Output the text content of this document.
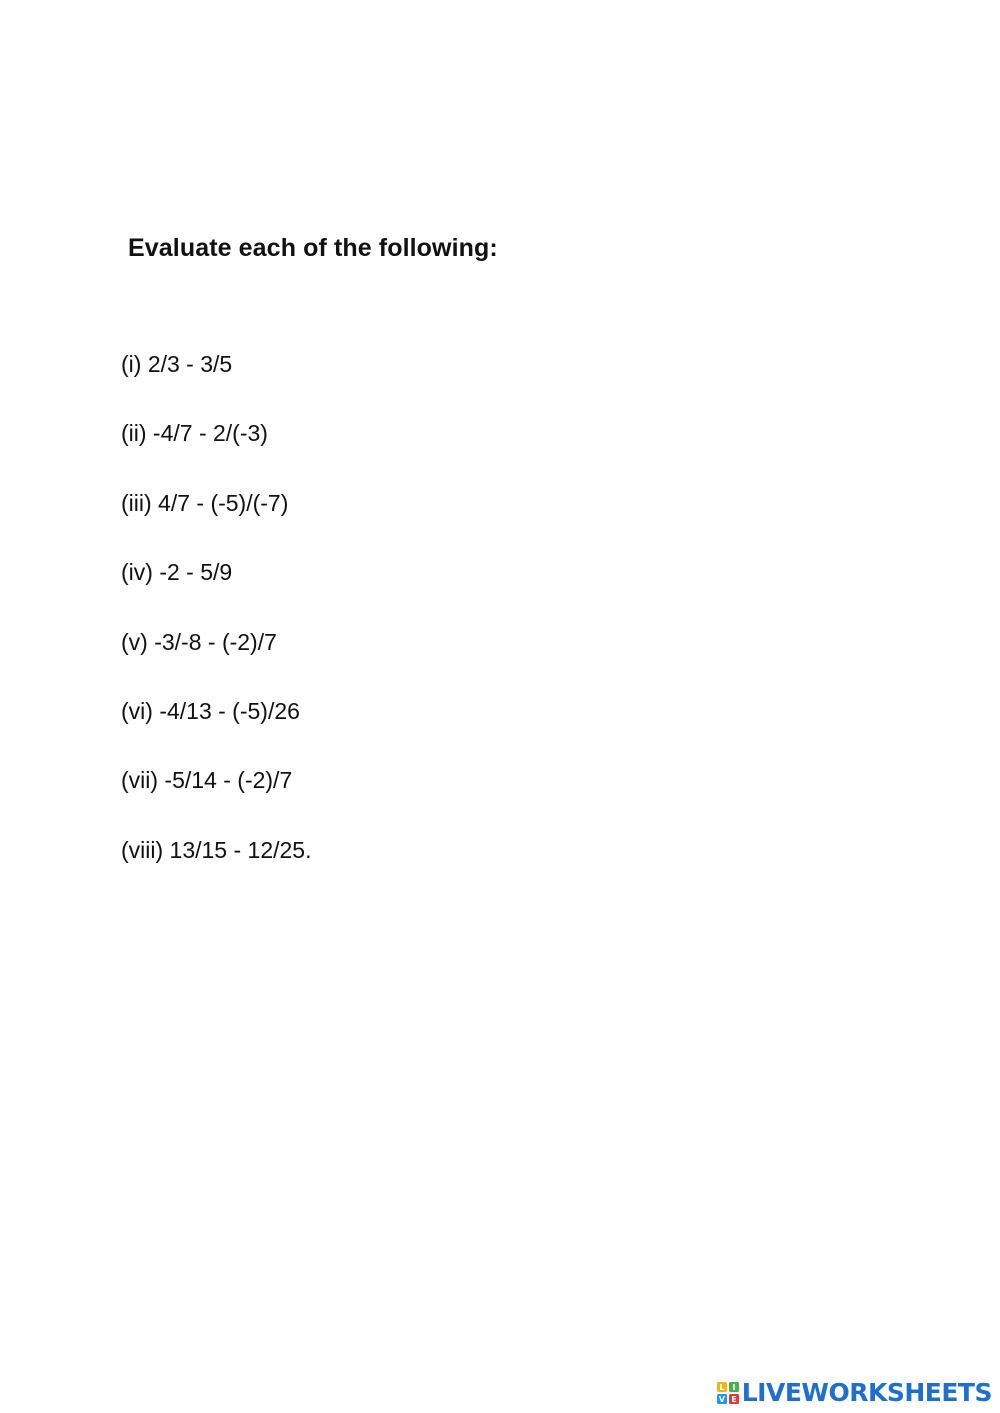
Evaluate each of the following:
(i) 2/3 - 3/5
(ii) -4/7 - 2/(-3)
(iii) 4/7 - (-5)/(-7)
(iv) -2 - 5/9
(v) -3/-8 - (-2)/7
(vi) -4/13 - (-5)/26
(vii) -5/14 - (-2)/7
(viii) 13/15 - 12/25.
L I
V E LIVEWORKSHEETS
